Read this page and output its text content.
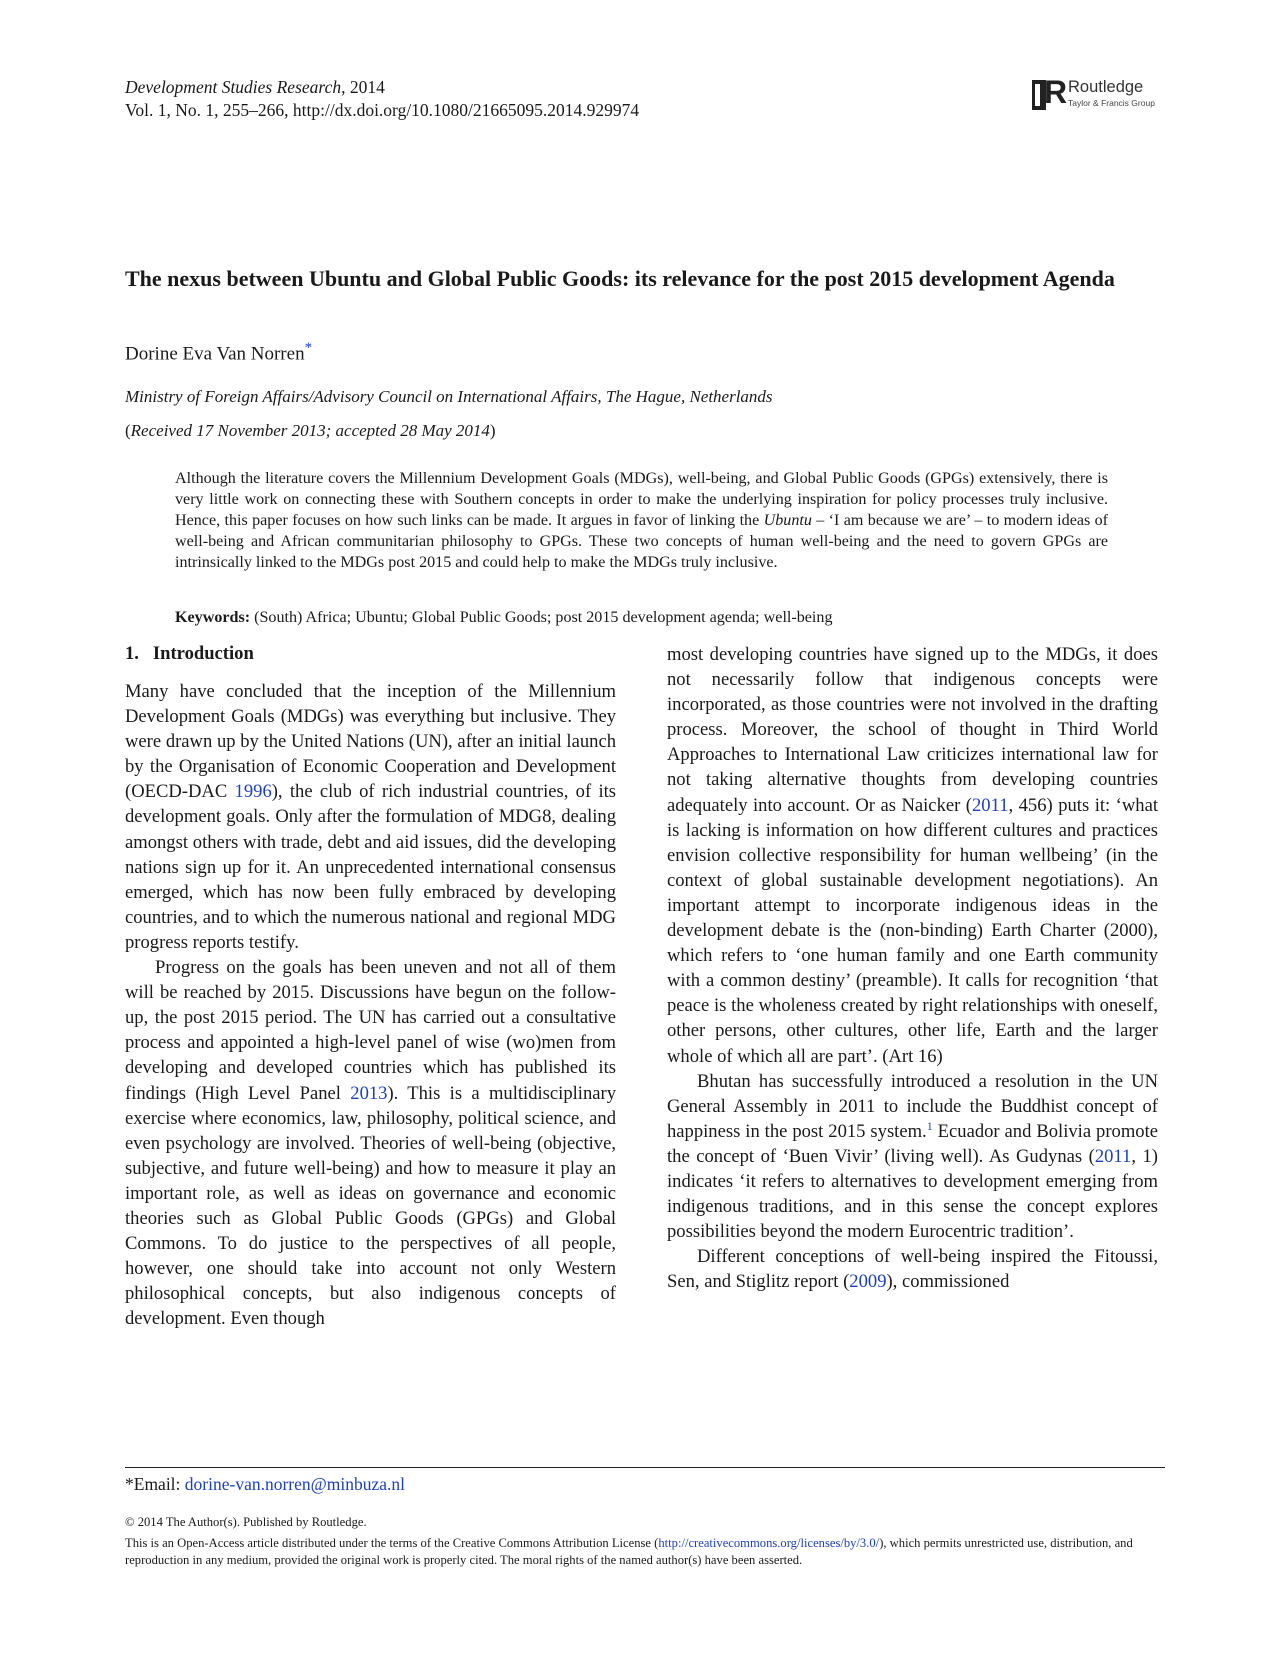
Development Studies Research, 2014
Vol. 1, No. 1, 255–266, http://dx.doi.org/10.1080/21665095.2014.929974	R Routledge
Taylor & Francis Group
The nexus between Ubuntu and Global Public Goods: its relevance for the post 2015 development Agenda
Dorine Eva Van Norren*
Ministry of Foreign Affairs/Advisory Council on International Affairs, The Hague, Netherlands
(Received 17 November 2013; accepted 28 May 2014)
Although the literature covers the Millennium Development Goals (MDGs), well-being, and Global Public Goods (GPGs) extensively, there is very little work on connecting these with Southern concepts in order to make the underlying inspiration for policy processes truly inclusive. Hence, this paper focuses on how such links can be made. It argues in favor of linking the Ubuntu – ‘I am because we are’ – to modern ideas of well-being and African communitarian philosophy to GPGs. These two concepts of human well-being and the need to govern GPGs are intrinsically linked to the MDGs post 2015 and could help to make the MDGs truly inclusive.
Keywords: (South) Africa; Ubuntu; Global Public Goods; post 2015 development agenda; well-being
1.   Introduction

Many have concluded that the inception of the Millennium Development Goals (MDGs) was everything but inclusive. They were drawn up by the United Nations (UN), after an initial launch by the Organisation of Economic Cooperation and Development (OECD-DAC 1996), the club of rich industrial countries, of its development goals. Only after the formulation of MDG8, dealing amongst others with trade, debt and aid issues, did the developing nations sign up for it. An unprecedented international consensus emerged, which has now been fully embraced by developing countries, and to which the numerous national and regional MDG progress reports testify.

Progress on the goals has been uneven and not all of them will be reached by 2015. Discussions have begun on the follow-up, the post 2015 period. The UN has carried out a consultative process and appointed a high-level panel of wise (wo)men from developing and developed countries which has published its findings (High Level Panel 2013). This is a multidisciplinary exercise where economics, law, philosophy, political science, and even psychology are involved. Theories of well-being (objective, subjective, and future well-being) and how to measure it play an important role, as well as ideas on governance and economic theories such as Global Public Goods (GPGs) and Global Commons. To do justice to the perspectives of all people, however, one should take into account not only Western philosophical concepts, but also indigenous concepts of development. Even though

most developing countries have signed up to the MDGs, it does not necessarily follow that indigenous concepts were incorporated, as those countries were not involved in the drafting process. Moreover, the school of thought in Third World Approaches to International Law criticizes international law for not taking alternative thoughts from developing countries adequately into account. Or as Naicker (2011, 456) puts it: ‘what is lacking is information on how different cultures and practices envision collective responsibility for human wellbeing’ (in the context of global sustainable development negotiations). An important attempt to incorporate indigenous ideas in the development debate is the (non-binding) Earth Charter (2000), which refers to ‘one human family and one Earth community with a common destiny’ (preamble). It calls for recognition ‘that peace is the wholeness created by right relationships with oneself, other persons, other cultures, other life, Earth and the larger whole of which all are part’. (Art 16)

Bhutan has successfully introduced a resolution in the UN General Assembly in 2011 to include the Buddhist concept of happiness in the post 2015 system.$^1$ Ecuador and Bolivia promote the concept of ‘Buen Vivir’ (living well). As Gudynas (2011, 1) indicates ‘it refers to alternatives to development emerging from indigenous traditions, and in this sense the concept explores possibilities beyond the modern Eurocentric tradition’.

Different conceptions of well-being inspired the Fitoussi, Sen, and Stiglitz report (2009), commissioned

*Email: dorine-van.norren@minbuza.nl
© 2014 The Author(s). Published by Routledge.
This is an Open-Access article distributed under the terms of the Creative Commons Attribution License (http://creativecommons.org/licenses/by/3.0/), which permits unrestricted use, distribution, and reproduction in any medium, provided the original work is properly cited. The moral rights of the named author(s) have been asserted.
